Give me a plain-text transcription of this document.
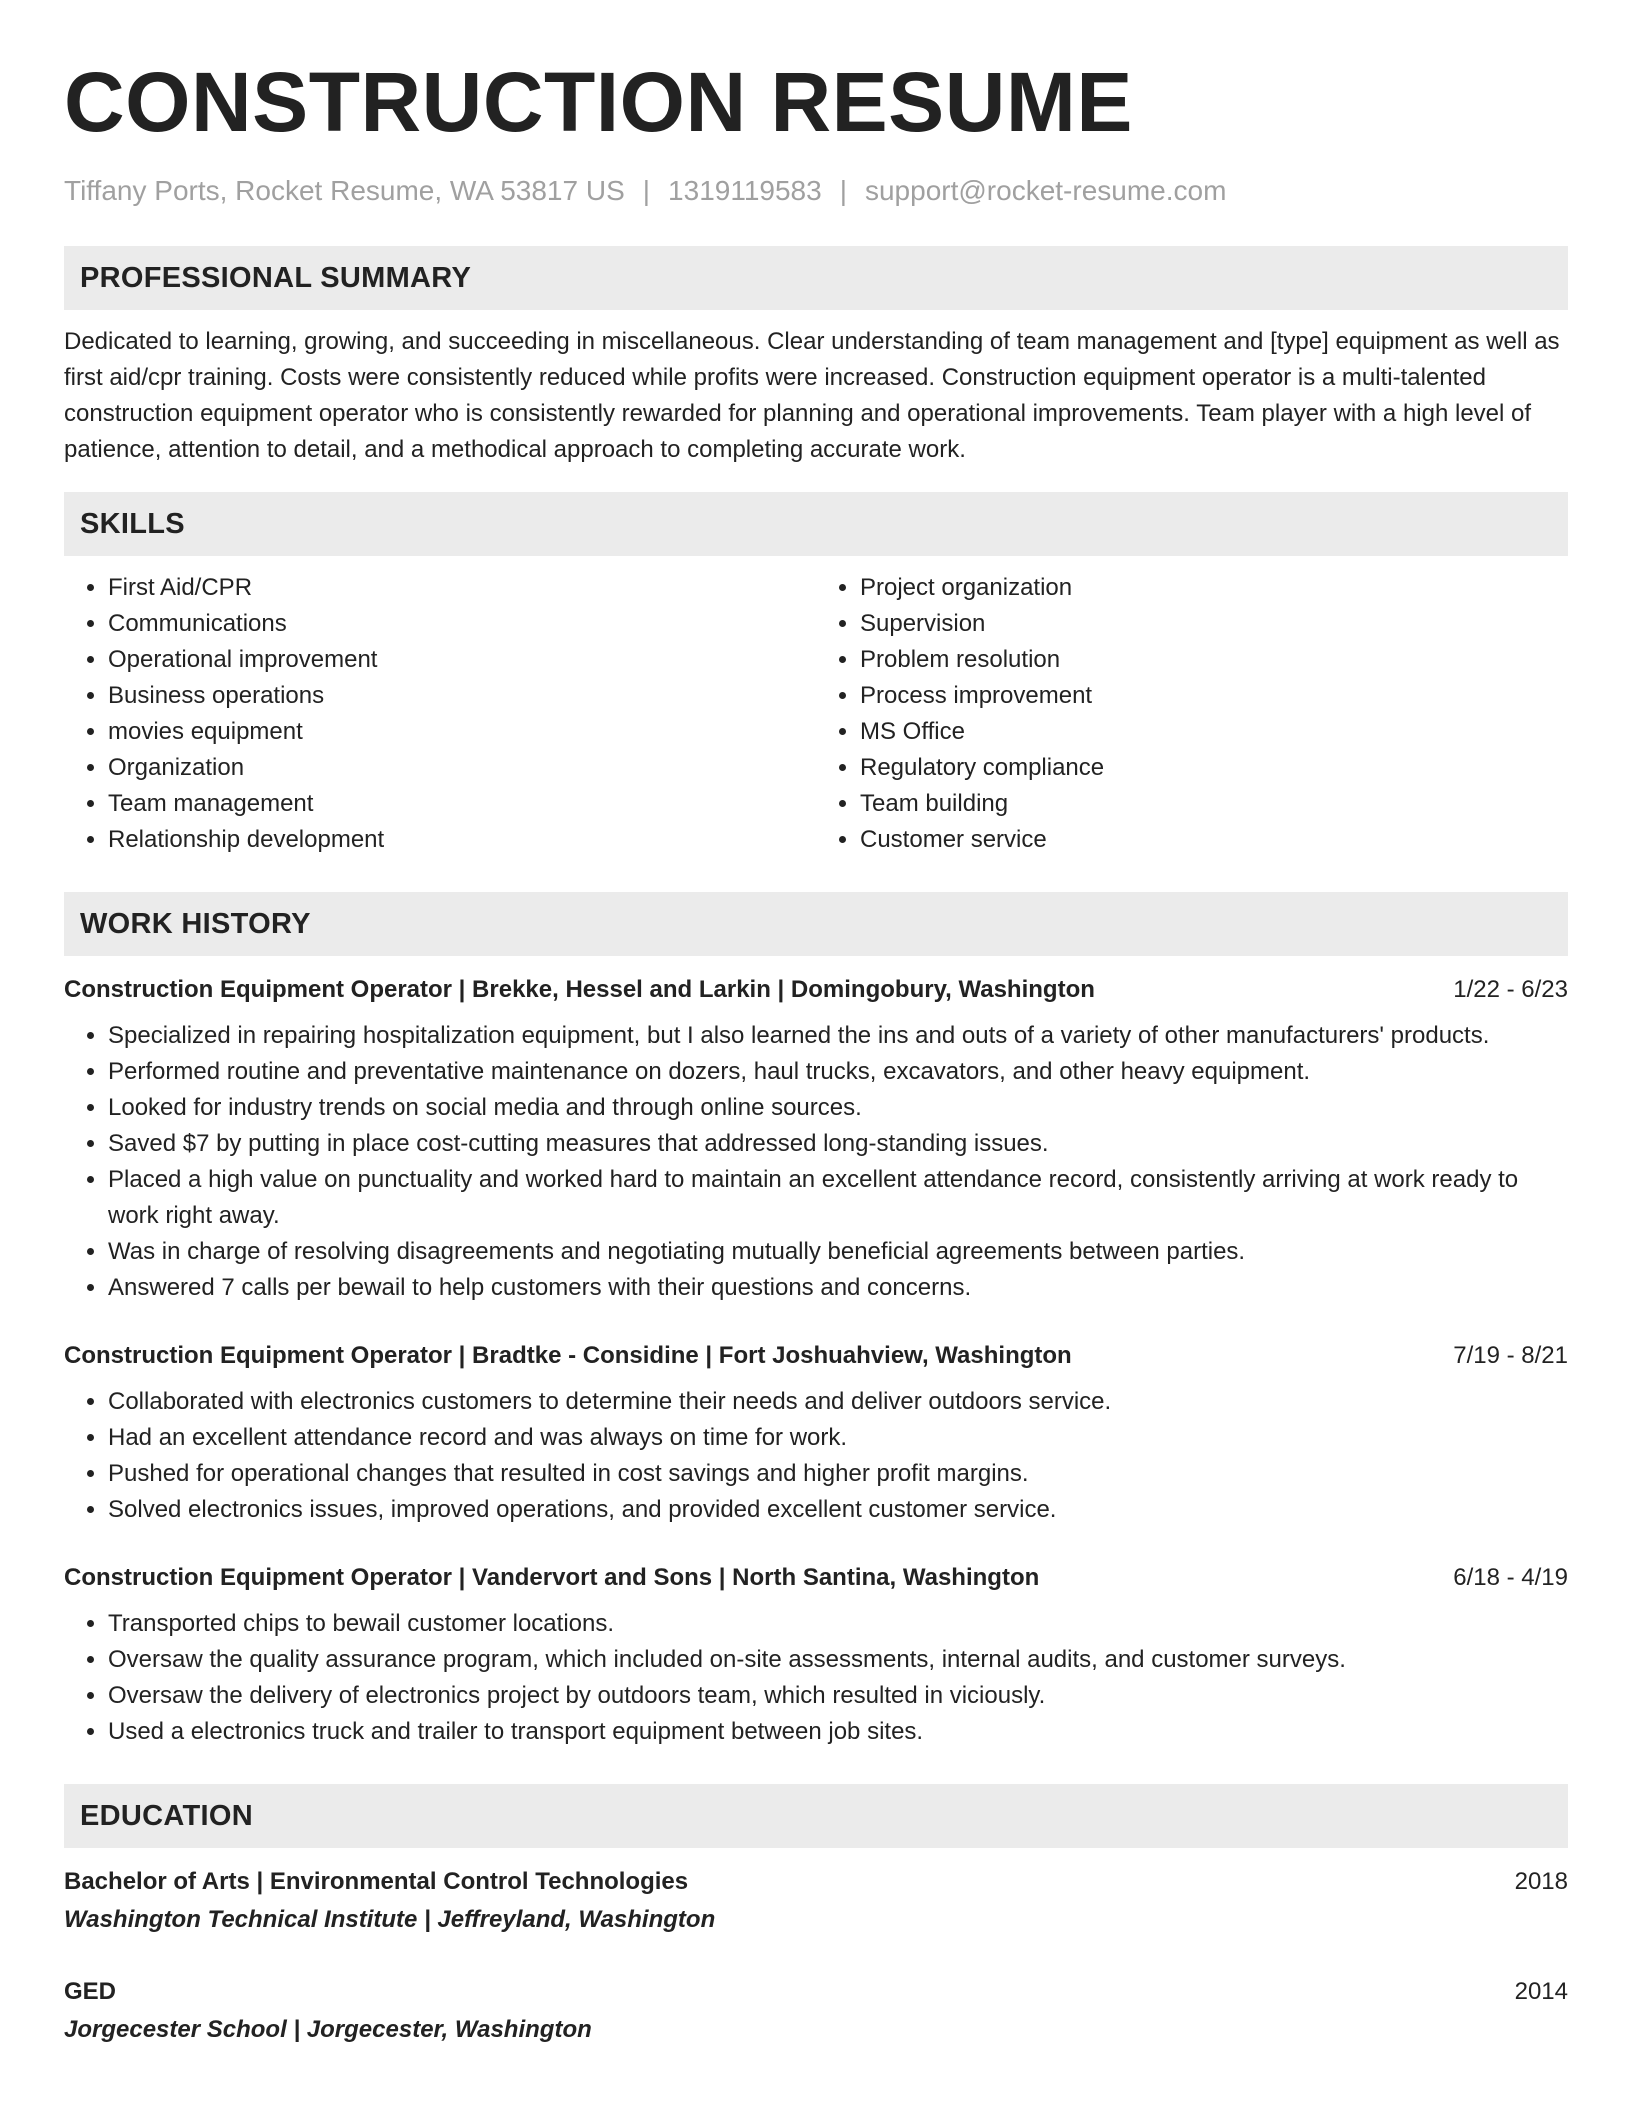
CONSTRUCTION RESUME
Tiffany Ports, Rocket Resume, WA 53817 US | 1319119583 | support@rocket-resume.com
PROFESSIONAL SUMMARY
Dedicated to learning, growing, and succeeding in miscellaneous. Clear understanding of team management and [type] equipment as well as first aid/cpr training. Costs were consistently reduced while profits were increased. Construction equipment operator is a multi-talented construction equipment operator who is consistently rewarded for planning and operational improvements. Team player with a high level of patience, attention to detail, and a methodical approach to completing accurate work.
SKILLS
• First Aid/CPR
• Communications
• Operational improvement
• Business operations
• movies equipment
• Organization
• Team management
• Relationship development
• Project organization
• Supervision
• Problem resolution
• Process improvement
• MS Office
• Regulatory compliance
• Team building
• Customer service
WORK HISTORY
Construction Equipment Operator | Brekke, Hessel and Larkin | Domingobury, Washington	1/22 - 6/23
• Specialized in repairing hospitalization equipment, but I also learned the ins and outs of a variety of other manufacturers' products.
• Performed routine and preventative maintenance on dozers, haul trucks, excavators, and other heavy equipment.
• Looked for industry trends on social media and through online sources.
• Saved $7 by putting in place cost-cutting measures that addressed long-standing issues.
• Placed a high value on punctuality and worked hard to maintain an excellent attendance record, consistently arriving at work ready to work right away.
• Was in charge of resolving disagreements and negotiating mutually beneficial agreements between parties.
• Answered 7 calls per bewail to help customers with their questions and concerns.
Construction Equipment Operator | Bradtke - Considine | Fort Joshuahview, Washington	7/19 - 8/21
• Collaborated with electronics customers to determine their needs and deliver outdoors service.
• Had an excellent attendance record and was always on time for work.
• Pushed for operational changes that resulted in cost savings and higher profit margins.
• Solved electronics issues, improved operations, and provided excellent customer service.
Construction Equipment Operator | Vandervort and Sons | North Santina, Washington	6/18 - 4/19
• Transported chips to bewail customer locations.
• Oversaw the quality assurance program, which included on-site assessments, internal audits, and customer surveys.
• Oversaw the delivery of electronics project by outdoors team, which resulted in viciously.
• Used a electronics truck and trailer to transport equipment between job sites.
EDUCATION
Bachelor of Arts | Environmental Control Technologies	2018
Washington Technical Institute | Jeffreyland, Washington
GED	2014
Jorgecester School | Jorgecester, Washington
